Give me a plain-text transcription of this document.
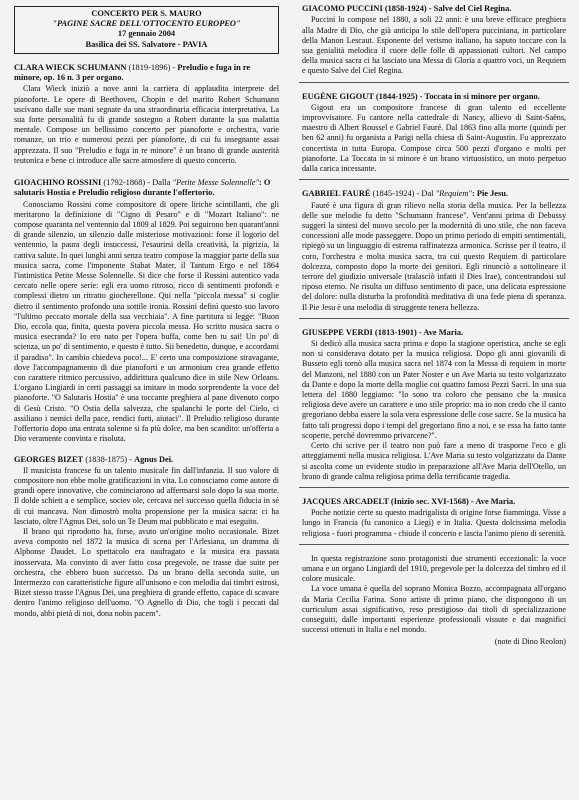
CONCERTO PER S. MAURO
"PAGINE SACRE DELL'OTTOCENTO EUROPEO"
17 gennaio 2004
Basilica dei SS. Salvatore - PAVIA
CLARA WIECK SCHUMANN (1819-1896) - Preludio e fuga in re minore, op. 16 n. 3 per organo.

Clara Wieck iniziò a nove anni la carriera di applaudita interprete del pianoforte. Le opere di Beethoven, Chopin e del marito Robert Schumann uscivano dalle sue mani segnate da una straordinaria efficacia interpretativa. La sua forte personalità fu di grande sostegno a Robert durante la sua malattia mentale. Compose un bellissimo concerto per pianoforte e orchestra, varie romanze, un trio e numerosi pezzi per pianoforte, di cui fu insegnante assai apprezzata. Il suo "Preludio e fuga in re minore" è un brano di grande austerità teutonica e bene ci introduce alle sacre atmosfere di questo concerto.

GIOACHINO ROSSINI (1792-1868) - Dalla "Petite Messe Solennelle": O salutaris Hostia e Preludio religioso durante l'offertorio.

Conosciamo Rossini come compositore di opere liriche scintillanti, che gli meritarono la definizione di "Cigno di Pesaro" e di "Mozart Italiano": ne compose quaranta nel ventennio dal 1809 al 1829. Poi seguirono ben quarant'anni di grande silenzio, un silenzio dalle misteriose motivazioni: forse il logorio del ventennio, la paura degli insuccessi, l'esaurirsi della creatività, la pigrizia, la cattiva salute. In quei lunghi anni senza teatro compose la maggior parte della sua musica sacra, come l'imponente Stabat Mater, il Tantum Ergo e nel 1864 l'intimistica Petite Messe Solennelle. Si dice che forse il Rossini autentico vada cercato nelle opere serie: egli era uomo ritroso, ricco di sentimenti profondi e complessi dietro un ritratto giocherellone. Qui nella "piccola messa" si coglie dietro il sentimento profondo una sottile ironia. Rossini definì questo suo lavoro "l'ultimo peccato mortale della sua vecchiaia". A fine partitura si legge: "Buon Dio, eccola qua, finita, questa povera piccola messa. Ho scritto musica sacra o musica esecranda? Io ero nato per l'opera buffa, come ben tu sai! Un po' di scienza, un po' di sentimento, e questo è tutto. Sii benedetto, dunque, e accordami il paradiso". In cambio chiedeva poco!... E' certo una composizione stravagante, dove l'accompagnamento di due pianoforti e un armonium crea grande effetto con carattere ritmico percussivo, addirittura qualcuno dice in stile New Orleans. L'organo Lingiardi in certi passaggi sa imitare in modo sorprendente la voce del pianoforte. "O Salutaris Hostia" è una toccante preghiera al pane divenuto corpo di Gesù Cristo. "O Ostia della salvezza, che spalanchi le porte del Cielo, ci assiliano i nemici della pace, rendici forti, aiutaci". Il Preludio religioso durante l'offertorio dopo una entrata solenne si fa più dolce, ma ben scandito: un'offerta a Dio veramente convinta e risoluta.

GEORGES BIZET (1838-1875) - Agnus Dei.

Il musicista francese fu un talento musicale fin dall'infanzia. Il suo valore di compositore non ebbe molte gratificazioni in vita. Lo conosciamo come autore di grandi opere innovative, che cominciarono ad affermarsi solo dopo la sua morte. Il dolde schiett a e semplice, sociev ole, cercava nel successo quella fiducia in sé di cui mancava. Non dimostrò molta propensione per la musica sacra: ci ha lasciato, oltre l'Agnus Dei, solo un Te Deum mai pubblicato e mai eseguito.

Il brano qui riprodotto ha, forse, avuto un'origine molto occasionale. Bizet aveva composto nel 1872 la musica di scena per l'Arlesiana, un dramma di Alphonse Daudet. Lo spettacolo era naufragato e la musica era passata inosservata. Ma convinto di aver fatto cosa pregevole, ne trasse due suite per orchestra, che ebbero buon successo. Da un brano della seconda suite, un Intermezzo con caratteristiche figure all'unisono e con melodia dai timbri estrosi, Bizet stesso trasse l'Agnus Dei, una preghiera di grande effetto, capace di scavare dentro l'animo religioso dell'uomo. "O Agnello di Dio, che togli i peccati dal mondo, abbi pietà di noi, dona nobis pacem".

GIACOMO PUCCINI (1858-1924) - Salve del Ciel Regina.

Puccini lo compose nel 1880, a soli 22 anni: è una breve efficace preghiera alla Madre di Dio, che già anticipa lo stile dell'opera pucciniana, in particolare della Manon Lescaut. Esponente del verismo italiano, ha saputo toccare con la sua genialità melodica il cuore delle folle di appassionati cultori. Nel campo della musica sacra ci ha lasciato una Messa di Gloria a quattro voci, un Requiem e questo Salve del Ciel Regina.

EUGÈNE GIGOUT (1844-1925) - Toccata in si minore per organo.

Gigout era un compositore francese di gran talento ed eccellente improvvisatore. Fu cantore nella cattedrale di Nancy, allievo di Saint-Saëns, maestro di Albert Roussel e Gabriel Fauré. Dal 1863 fino alla morte (quindi per ben 62 anni) fu organista a Parigi nella chiesa di Saint-Augustin. Fu apprezzato concertista in tutta Europa. Compose circa 500 pezzi d'organo e molti per pianoforte. La Toccata in si minore è un brano virtuosistico, un moto perpetuo dalla carica incessante.

GABRIEL FAURÉ (1845-1924) - Dal "Requiem": Pie Jesu.

Fauré è una figura di gran rilievo nella storia della musica. Per la bellezza delle sue melodie fu detto "Schumann francese". Vent'anni prima di Debussy suggerì la sintesi del nuovo secolo per la modernità di uno stile, che non faceva concessioni alle mode passeggere. Dopo un primo periodo di empiti sentimentali, ripiegò su un linguaggio di estrema raffinatezza armonica. Scrisse per il teatro, il coro, l'orchestra e molta musica sacra, tra cui questo Requiem di particolare dolcezza, composto dopo la morte dei genitori. Egli rinunciò a sottolineare il terrore del giudizio universale (tralasciò infatti il Dies Irae), concentrandosi sul riposo eterno. Ne risulta un diffuso sentimento di pace, una delicata espressione del dolore: nulla disturba la profondità meditativa di una fede piena di speranza. Il Pie Jesu è una melodia di struggente tenera bellezza.

GIUSEPPE VERDI (1813-1901) - Ave Maria.

Si dedicò alla musica sacra prima e dopo la stagione operistica, anche se egli non si considerava dotato per la musica religiosa. Dopo gli anni giovanili di Busseto egli tornò alla musica sacra nel 1874 con la Messa di requiem in morte del Manzoni, nel 1880 con un Pater Noster e un Ave Maria su testo volgarizzato da Dante e dopo la morte della moglie coi quattro famosi Pezzi Sacri. In una sua lettera del 1880 leggiamo: "Io sono tra coloro che pensano che la musica religiosa deve avere un carattere e uno stile proprio: ma io non credo che il canto gregoriano debba essere la sola vera espressione delle cose sacre. Se la musica ha fatto tali progressi dopo i tempi del gregoriano fino a noi, e se essa ha fatto tante scoperte, perché dovremmo privarcene?".

Certo chi scrive per il teatro non può fare a meno di trasporne l'eco e gli atteggiamenti nella musica religiosa. L'Ave Maria su testo volgarizzato da Dante si ascolta come un evidente studio in preparazione all'Ave Maria dell'Otello, un brano di grande calma religiosa prima della terrificante tragedia.

JACQUES ARCADELT (Inizio sec. XVI-1568) - Ave Maria.

Poche notizie certe su questo madrigalista di origine forse fiamminga. Visse a lungo in Francia (fu canonico a Liegi) e in Italia. Questa dolcissima melodia religiosa - fuori programma - chiude il concerto e lascia l'animo pieno di serenità.

In questa registrazione sono protagonisti due strumenti eccezionali: la voce umana e un organo Lingiardi del 1910, pregevole per la dolcezza del timbro ed il colore musicale.

La voce umana è quella del soprano Monica Bozzo, accompagnata all'organo da Maria Cecilia Farina. Sono artiste di primo piano, che dispongono di un curriculum assai significativo, reso prestigioso dai titoli di specializzazione conseguiti, dalle importanti esperienze professionali vissute e dai magnifici successi ottenuti in Italia e nel mondo.

(note di Dino Reolon)
